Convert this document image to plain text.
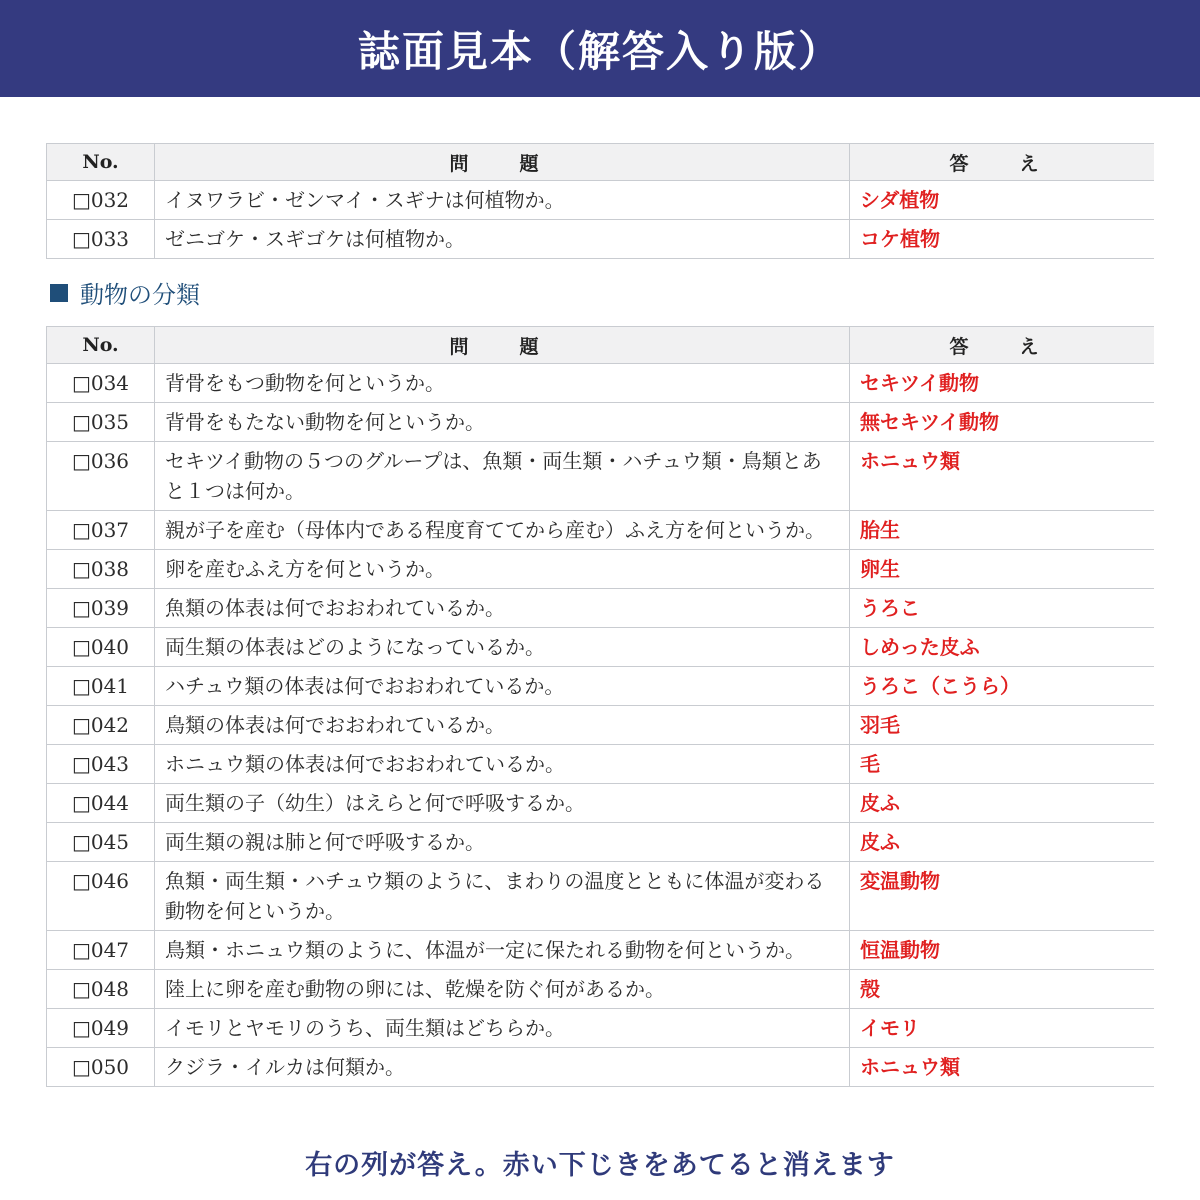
誌面見本（解答入り版）
No.	問　題	答　え
□032	イヌワラビ・ゼンマイ・スギナは何植物か。	シダ植物
□033	ゼニゴケ・スギゴケは何植物か。	コケ植物
動物の分類
No.	問　題	答　え
□034	背骨をもつ動物を何というか。	セキツイ動物
□035	背骨をもたない動物を何というか。	無セキツイ動物
□036	セキツイ動物の５つのグループは、魚類・両生類・ハチュウ類・鳥類とあと１つは何か。	ホニュウ類
□037	親が子を産む（母体内である程度育ててから産む）ふえ方を何というか。	胎生
□038	卵を産むふえ方を何というか。	卵生
□039	魚類の体表は何でおおわれているか。	うろこ
□040	両生類の体表はどのようになっているか。	しめった皮ふ
□041	ハチュウ類の体表は何でおおわれているか。	うろこ（こうら）
□042	鳥類の体表は何でおおわれているか。	羽毛
□043	ホニュウ類の体表は何でおおわれているか。	毛
□044	両生類の子（幼生）はえらと何で呼吸するか。	皮ふ
□045	両生類の親は肺と何で呼吸するか。	皮ふ
□046	魚類・両生類・ハチュウ類のように、まわりの温度とともに体温が変わる動物を何というか。	変温動物
□047	鳥類・ホニュウ類のように、体温が一定に保たれる動物を何というか。	恒温動物
□048	陸上に卵を産む動物の卵には、乾燥を防ぐ何があるか。	殻
□049	イモリとヤモリのうち、両生類はどちらか。	イモリ
□050	クジラ・イルカは何類か。	ホニュウ類
右の列が答え。赤い下じきをあてると消えます
